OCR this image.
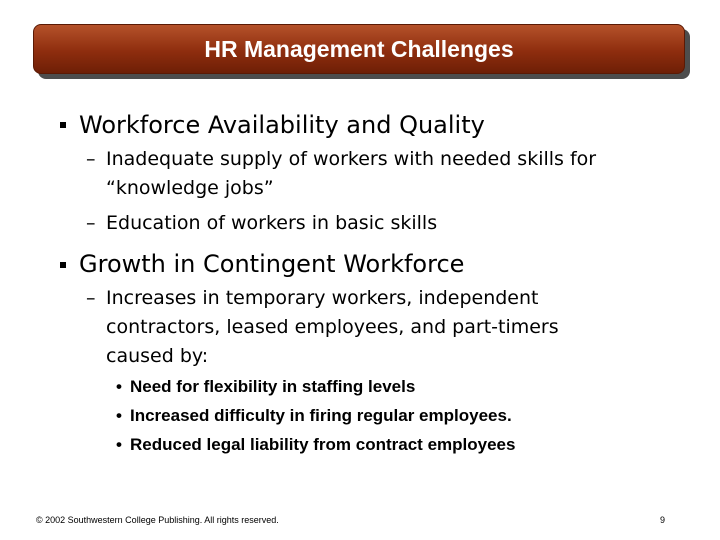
HR Management Challenges
Workforce Availability and Quality
– Inadequate supply of workers with needed skills for
“knowledge jobs”
– Education of workers in basic skills
Growth in Contingent Workforce
– Increases in temporary workers, independent
contractors, leased employees, and part-timers
caused by:
• Need for flexibility in staffing levels
• Increased difficulty in firing regular employees.
• Reduced legal liability from contract employees
© 2002 Southwestern College Publishing. All rights reserved.	9
